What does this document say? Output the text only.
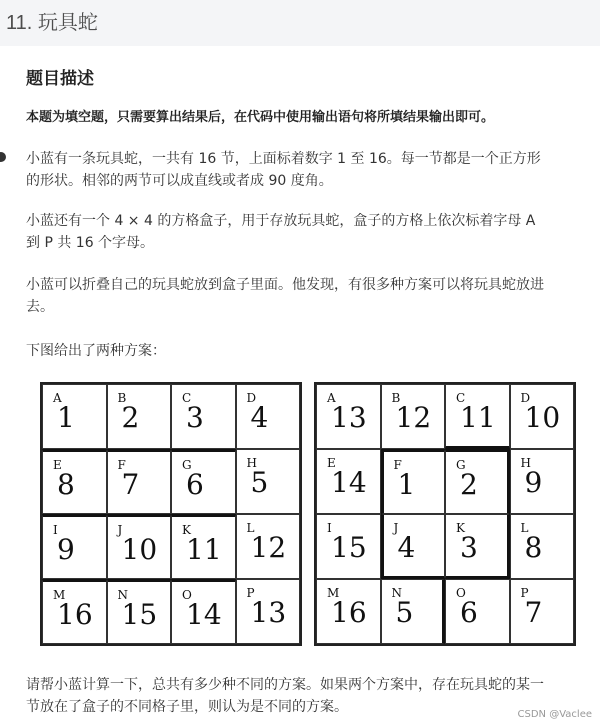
11. 玩具蛇
题目描述
本题为填空题，只需要算出结果后，在代码中使用输出语句将所填结果输出即可。
小蓝有一条玩具蛇，一共有 16 节，上面标着数字 1 至 16。每一节都是一个正方形
的形状。相邻的两节可以成直线或者成 90 度角。
小蓝还有一个 4 × 4 的方格盒子，用于存放玩具蛇，盒子的方格上依次标着字母 A
到 P 共 16 个字母。
小蓝可以折叠自己的玩具蛇放到盒子里面。他发现，有很多种方案可以将玩具蛇放进
去。
下图给出了两种方案：
A
1
B
2
C
3
D
4
E
8
F
7
G
6
H
5
I
9
J
10
K
11
L
12
M
16
N
15
O
14
P
13
A
13
B
12
C
11
D
10
E
14
F
1
G
2
H
9
I
15
J
4
K
3
L
8
M
16
N
5
O
6
P
7
请帮小蓝计算一下，总共有多少种不同的方案。如果两个方案中，存在玩具蛇的某一
节放在了盒子的不同格子里，则认为是不同的方案。	CSDN @Vaclee
